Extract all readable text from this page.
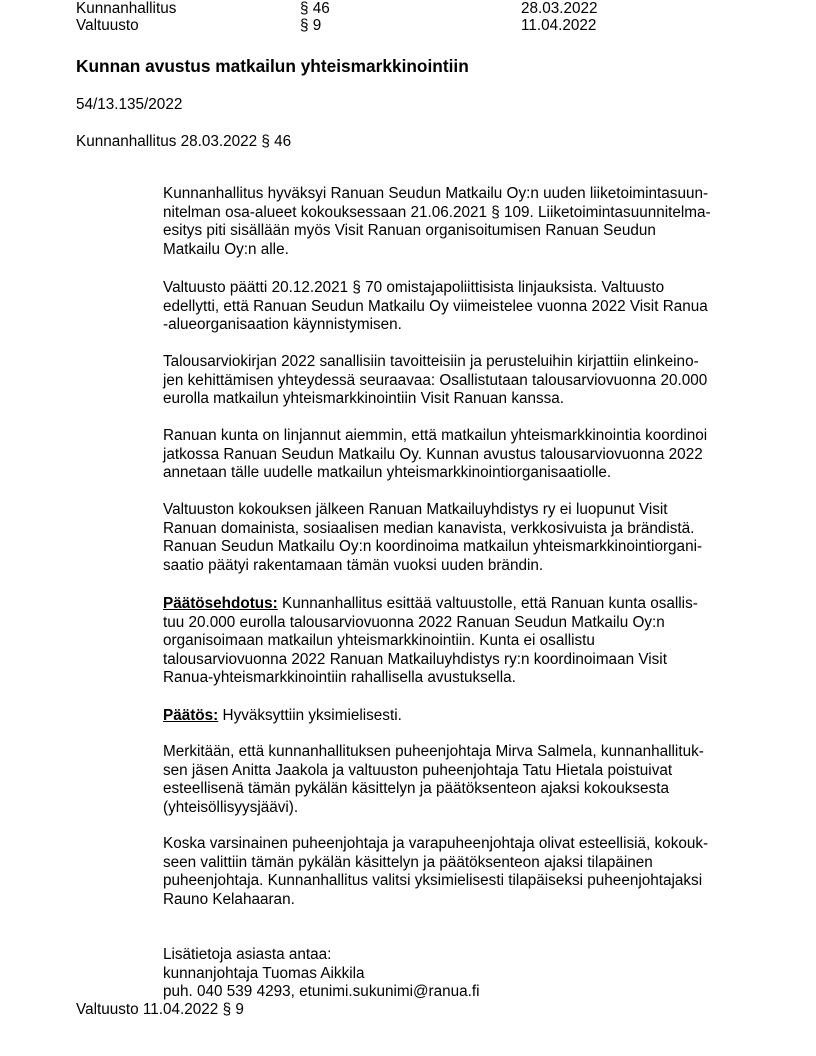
Kunnanhallitus	§ 46	28.03.2022
Valtuusto	§ 9	11.04.2022
Kunnan avustus matkailun yhteismarkkinointiin
54/13.135/2022
Kunnanhallitus 28.03.2022 § 46
Kunnanhallitus hyväksyi Ranuan Seudun Matkailu Oy:n uuden liiketoimintasuun-
nitelman osa-alueet kokouksessaan 21.06.2021 § 109. Liiketoimintasuunnitelma-
esitys piti sisällään myös Visit Ranuan organisoitumisen Ranuan Seudun
Matkailu Oy:n alle.
Valtuusto päätti 20.12.2021 § 70 omistajapoliittisista linjauksista. Valtuusto
edellytti, että Ranuan Seudun Matkailu Oy viimeistelee vuonna 2022 Visit Ranua
-alueorganisaation käynnistymisen.
Talousarviokirjan 2022 sanallisiin tavoitteisiin ja perusteluihin kirjattiin elinkeino-
jen kehittämisen yhteydessä seuraavaa: Osallistutaan talousarviovuonna 20.000
eurolla matkailun yhteismarkkinointiin Visit Ranuan kanssa.
Ranuan kunta on linjannut aiemmin, että matkailun yhteismarkkinointia koordinoi
jatkossa Ranuan Seudun Matkailu Oy. Kunnan avustus talousarviovuonna 2022
annetaan tälle uudelle matkailun yhteismarkkinointiorganisaatiolle.
Valtuuston kokouksen jälkeen Ranuan Matkailuyhdistys ry ei luopunut Visit
Ranuan domainista, sosiaalisen median kanavista, verkkosivuista ja brändistä.
Ranuan Seudun Matkailu Oy:n koordinoima matkailun yhteismarkkinointiorgani-
saatio päätyi rakentamaan tämän vuoksi uuden brändin.
Päätösehdotus: Kunnanhallitus esittää valtuustolle, että Ranuan kunta osallis-
tuu 20.000 eurolla talousarviovuonna 2022 Ranuan Seudun Matkailu Oy:n
organisoimaan matkailun yhteismarkkinointiin. Kunta ei osallistu
talousarviovuonna 2022 Ranuan Matkailuyhdistys ry:n koordinoimaan Visit
Ranua-yhteismarkkinointiin rahallisella avustuksella.
Päätös: Hyväksyttiin yksimielisesti.
Merkitään, että kunnanhallituksen puheenjohtaja Mirva Salmela, kunnanhallituk-
sen jäsen Anitta Jaakola ja valtuuston puheenjohtaja Tatu Hietala poistuivat
esteellisenä tämän pykälän käsittelyn ja päätöksenteon ajaksi kokouksesta
(yhteisöllisyysjäävi).
Koska varsinainen puheenjohtaja ja varapuheenjohtaja olivat esteellisiä, kokouk-
seen valittiin tämän pykälän käsittelyn ja päätöksenteon ajaksi tilapäinen
puheenjohtaja. Kunnanhallitus valitsi yksimielisesti tilapäiseksi puheenjohtajaksi
Rauno Kelahaaran.
Lisätietoja asiasta antaa:
kunnanjohtaja Tuomas Aikkila
puh. 040 539 4293, etunimi.sukunimi@ranua.fi
Valtuusto 11.04.2022 § 9
